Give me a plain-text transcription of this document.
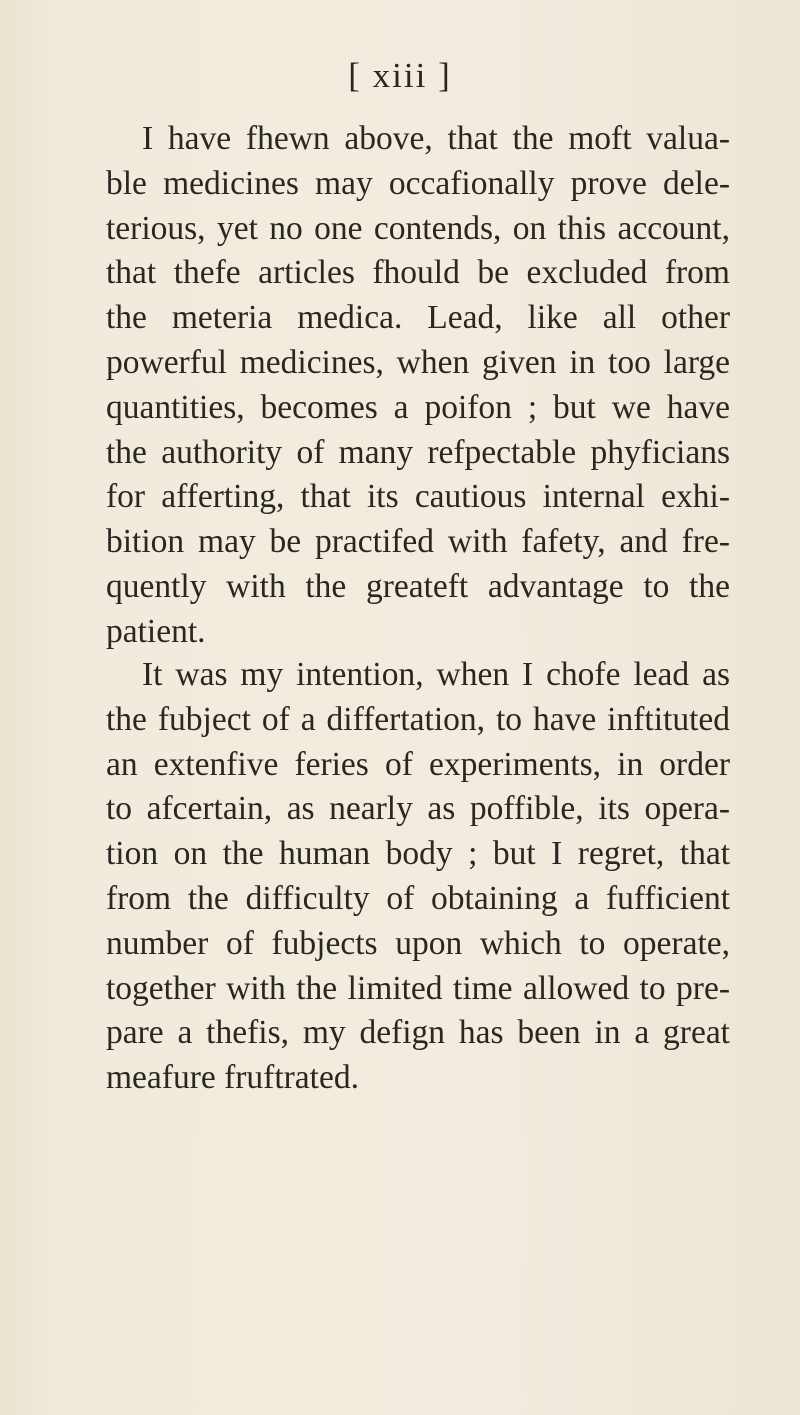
[ xiii ]
I have fhewn above, that the moft valua-
ble medicines may occafionally prove dele-
terious, yet no one contends, on this account,
that thefe articles fhould be excluded from
the meteria medica. Lead, like all other
powerful medicines, when given in too large
quantities, becomes a poifon ; but we have
the authority of many refpectable phyficians
for afferting, that its cautious internal exhi-
bition may be practifed with fafety, and fre-
quently with the greateft advantage to the
patient.
It was my intention, when I chofe lead as
the fubject of a differtation, to have inftituted
an extenfive feries of experiments, in order
to afcertain, as nearly as poffible, its opera-
tion on the human body ; but I regret, that
from the difficulty of obtaining a fufficient
number of fubjects upon which to operate,
together with the limited time allowed to pre-
pare a thefis, my defign has been in a great
meafure fruftrated.
